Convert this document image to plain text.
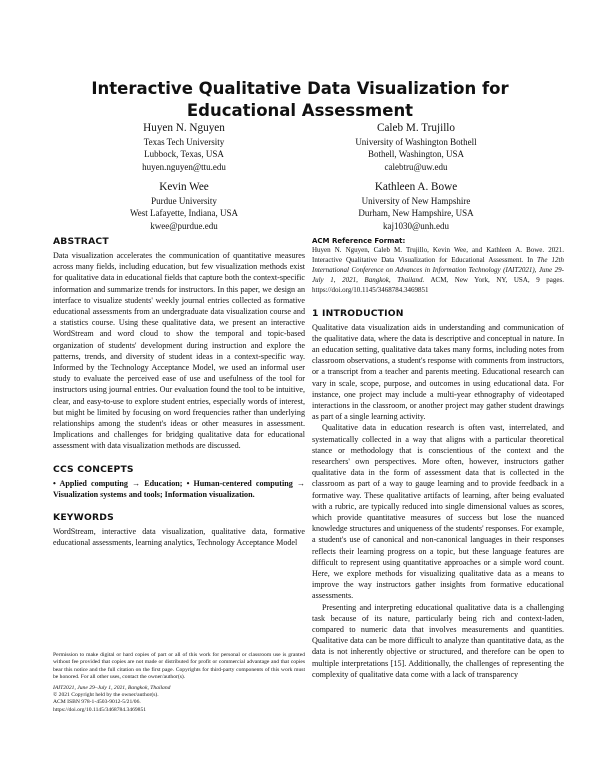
Interactive Qualitative Data Visualization for
Educational Assessment
Huyen N. Nguyen
Texas Tech University
Lubbock, Texas, USA
huyen.nguyen@ttu.edu
Caleb M. Trujillo
University of Washington Bothell
Bothell, Washington, USA
calebtru@uw.edu
Kevin Wee
Purdue University
West Lafayette, Indiana, USA
kwee@purdue.edu
Kathleen A. Bowe
University of New Hampshire
Durham, New Hampshire, USA
kaj1030@unh.edu
ABSTRACT

Data visualization accelerates the communication of quantitative measures across many fields, including education, but few visualization methods exist for qualitative data in educational fields that capture both the context-specific information and summarize trends for instructors. In this paper, we design an interface to visualize students' weekly journal entries collected as formative educational assessments from an undergraduate data visualization course and a statistics course. Using these qualitative data, we present an interactive WordStream and word cloud to show the temporal and topic-based organization of students' development during instruction and explore the patterns, trends, and diversity of student ideas in a context-specific way. Informed by the Technology Acceptance Model, we used an informal user study to evaluate the perceived ease of use and usefulness of the tool for instructors using journal entries. Our evaluation found the tool to be intuitive, clear, and easy-to-use to explore student entries, especially words of interest, but might be limited by focusing on word frequencies rather than underlying relationships among the student's ideas or other measures in assessment. Implications and challenges for bridging qualitative data for educational assessment with data visualization methods are discussed.

CCS CONCEPTS

• Applied computing → Education; • Human-centered computing → Visualization systems and tools; Information visualization.

KEYWORDS

WordStream, interactive data visualization, qualitative data, formative educational assessments, learning analytics, Technology Acceptance Model

Permission to make digital or hard copies of part or all of this work for personal or classroom use is granted without fee provided that copies are not made or distributed for profit or commercial advantage and that copies bear this notice and the full citation on the first page. Copyrights for third-party components of this work must be honored. For all other uses, contact the owner/author(s).

IAIT2021, June 29–July 1, 2021, Bangkok, Thailand

© 2021 Copyright held by the owner/author(s).

ACM ISBN 978-1-4503-9012-5/21/06.

https://doi.org/10.1145/3468784.3469851

ACM Reference Format:

Huyen N. Nguyen, Caleb M. Trujillo, Kevin Wee, and Kathleen A. Bowe. 2021. Interactive Qualitative Data Visualization for Educational Assessment. In The 12th International Conference on Advances in Information Technology (IAIT2021), June 29-July 1, 2021, Bangkok, Thailand. ACM, New York, NY, USA, 9 pages. https://doi.org/10.1145/3468784.3469851

1 INTRODUCTION

Qualitative data visualization aids in understanding and communication of the qualitative data, where the data is descriptive and conceptual in nature. In an education setting, qualitative data takes many forms, including notes from classroom observations, a student's response with comments from instructors, or a transcript from a teacher and parents meeting. Educational research can vary in scale, scope, purpose, and outcomes in using educational data. For instance, one project may include a multi-year ethnography of videotaped interactions in the classroom, or another project may gather student drawings as part of a single learning activity.

Qualitative data in education research is often vast, interrelated, and systematically collected in a way that aligns with a particular theoretical stance or methodology that is conscientious of the context and the researchers' own perspectives. More often, however, instructors gather qualitative data in the form of assessment data that is collected in the classroom as part of a way to gauge learning and to provide feedback in a formative way. These qualitative artifacts of learning, after being evaluated with a rubric, are typically reduced into single dimensional values as scores, which provide quantitative measures of success but lose the nuanced knowledge structures and uniqueness of the students' responses. For example, a student's use of canonical and non-canonical languages in their responses reflects their learning progress on a topic, but these language features are difficult to represent using quantitative approaches or a simple word count. Here, we explore methods for visualizing qualitative data as a means to improve the way instructors gather insights from formative educational assessments.

Presenting and interpreting educational qualitative data is a challenging task because of its nature, particularly being rich and context-laden, compared to numeric data that involves measurements and quantities. Qualitative data can be more difficult to analyze than quantitative data, as the data is not inherently objective or structured, and therefore can be open to multiple interpretations [15]. Additionally, the challenges of representing the complexity of qualitative data come with a lack of transparency
